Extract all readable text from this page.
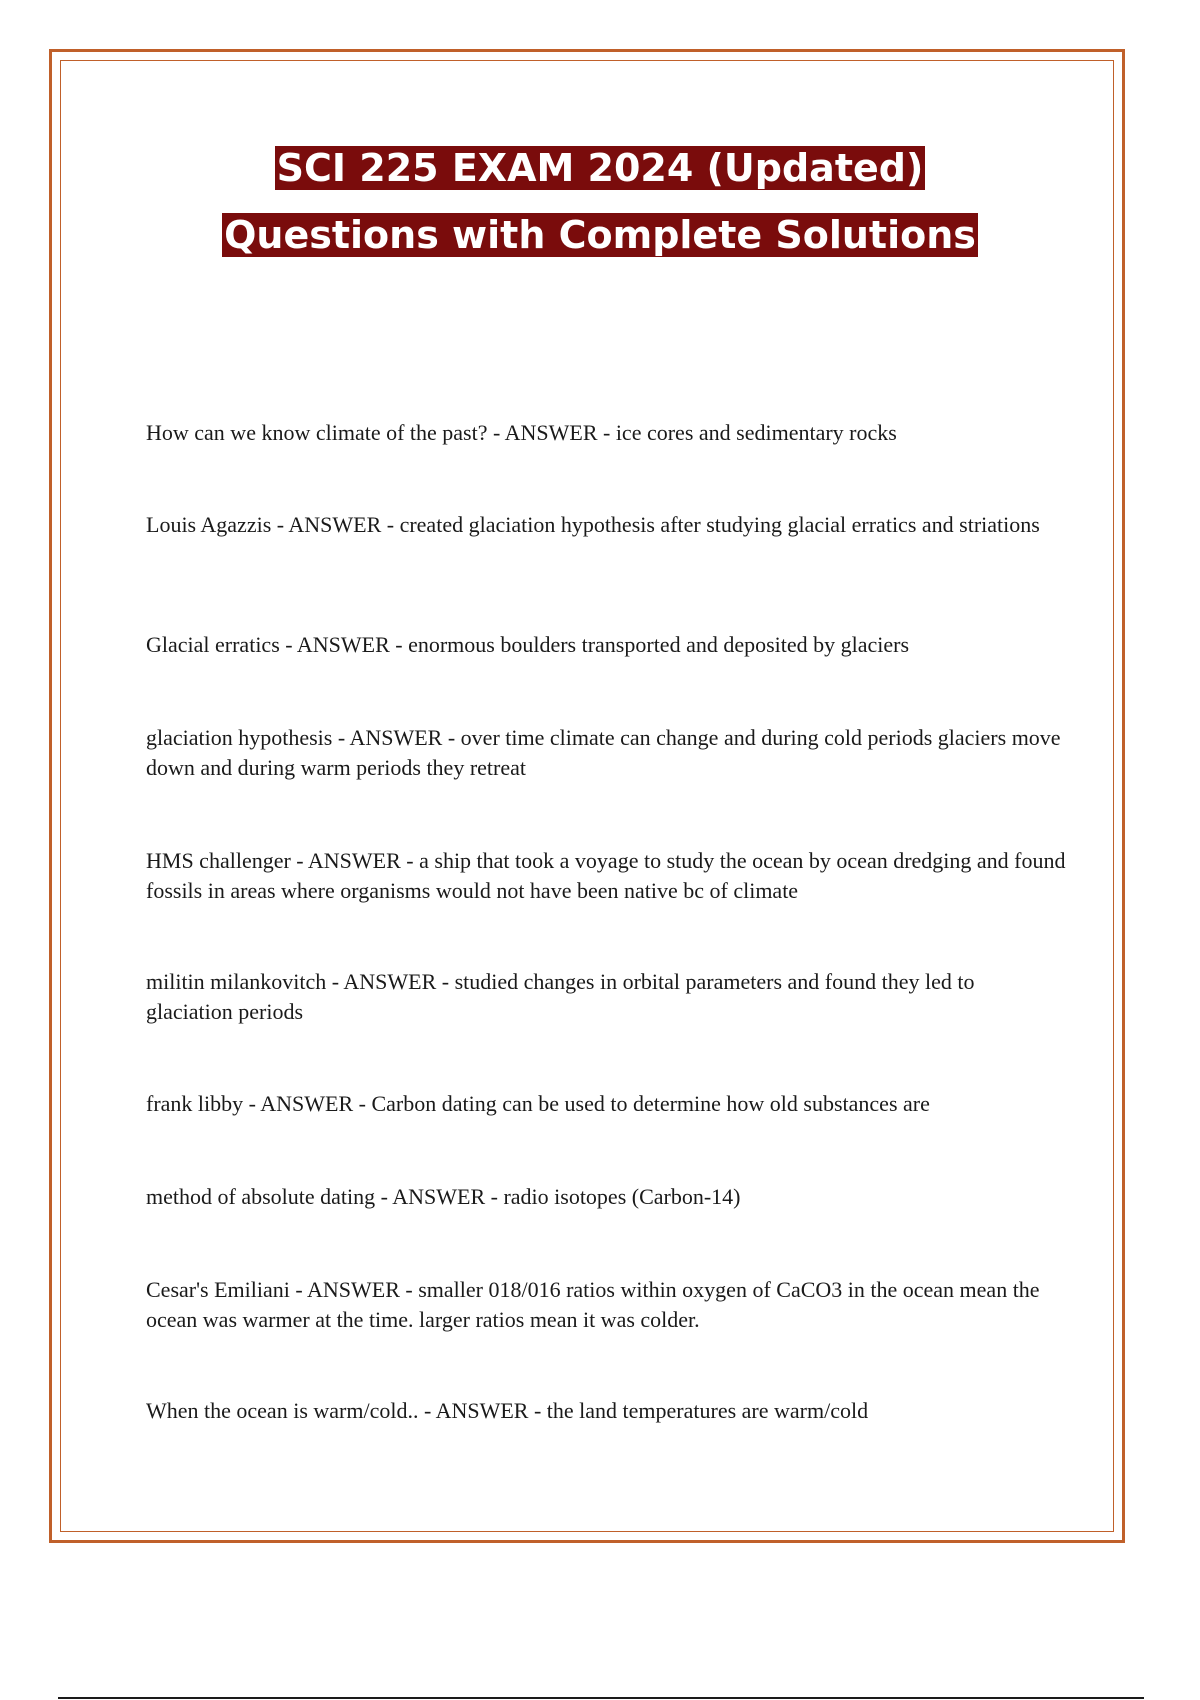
SCI 225 EXAM 2024 (Updated)
Questions with Complete Solutions
How can we know climate of the past? - ANSWER - ice cores and sedimentary rocks
Louis Agazzis - ANSWER - created glaciation hypothesis after studying glacial erratics and striations
Glacial erratics - ANSWER - enormous boulders transported and deposited by glaciers
glaciation hypothesis - ANSWER - over time climate can change and during cold periods glaciers move down and during warm periods they retreat
HMS challenger - ANSWER - a ship that took a voyage to study the ocean by ocean dredging and found fossils in areas where organisms would not have been native bc of climate
militin milankovitch - ANSWER - studied changes in orbital parameters and found they led to glaciation periods
frank libby - ANSWER - Carbon dating can be used to determine how old substances are
method of absolute dating - ANSWER - radio isotopes (Carbon-14)
Cesar's Emiliani - ANSWER - smaller 018/016 ratios within oxygen of CaCO3 in the ocean mean the ocean was warmer at the time. larger ratios mean it was colder.
When the ocean is warm/cold.. - ANSWER - the land temperatures are warm/cold
